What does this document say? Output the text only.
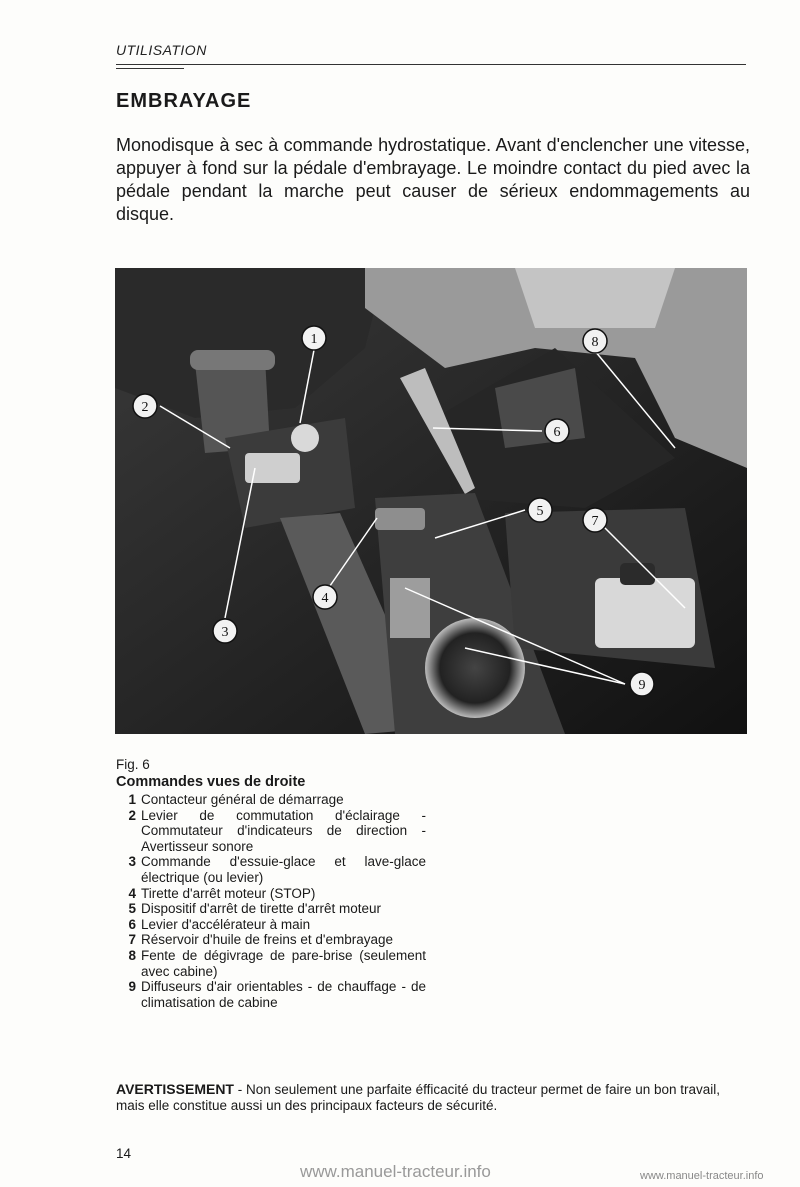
UTILISATION
EMBRAYAGE

Monodisque à sec à commande hydrostatique. Avant d'enclencher une vitesse, appuyer à fond sur la pédale d'embrayage. Le moindre contact du pied avec la pédale pendant la marche peut causer de sérieux endommagements au disque.

1
2
3
4
5
6
7
8
9
Fig. 6
Commandes vues de droite
1 Contacteur général de démarrage
2 Levier de commutation d'éclairage -Commutateur d'indicateurs de direction - Avertisseur sonore
3 Commande d'essuie-glace et lave-glace électrique (ou levier)
4 Tirette d'arrêt moteur (STOP)
5 Dispositif d'arrêt de tirette d'arrêt moteur
6 Levier d'accélérateur à main
7 Réservoir d'huile de freins et d'embrayage
8 Fente de dégivrage de pare-brise (seulement avec cabine)
9 Diffuseurs d'air orientables - de chauffage - de climatisation de cabine

AVERTISSEMENT - Non seulement une parfaite éfficacité du tracteur permet de faire un bon travail, mais elle constitue aussi un des principaux facteurs de sécurité.

14
www.manuel-tracteur.info	www.manuel-tracteur.info
